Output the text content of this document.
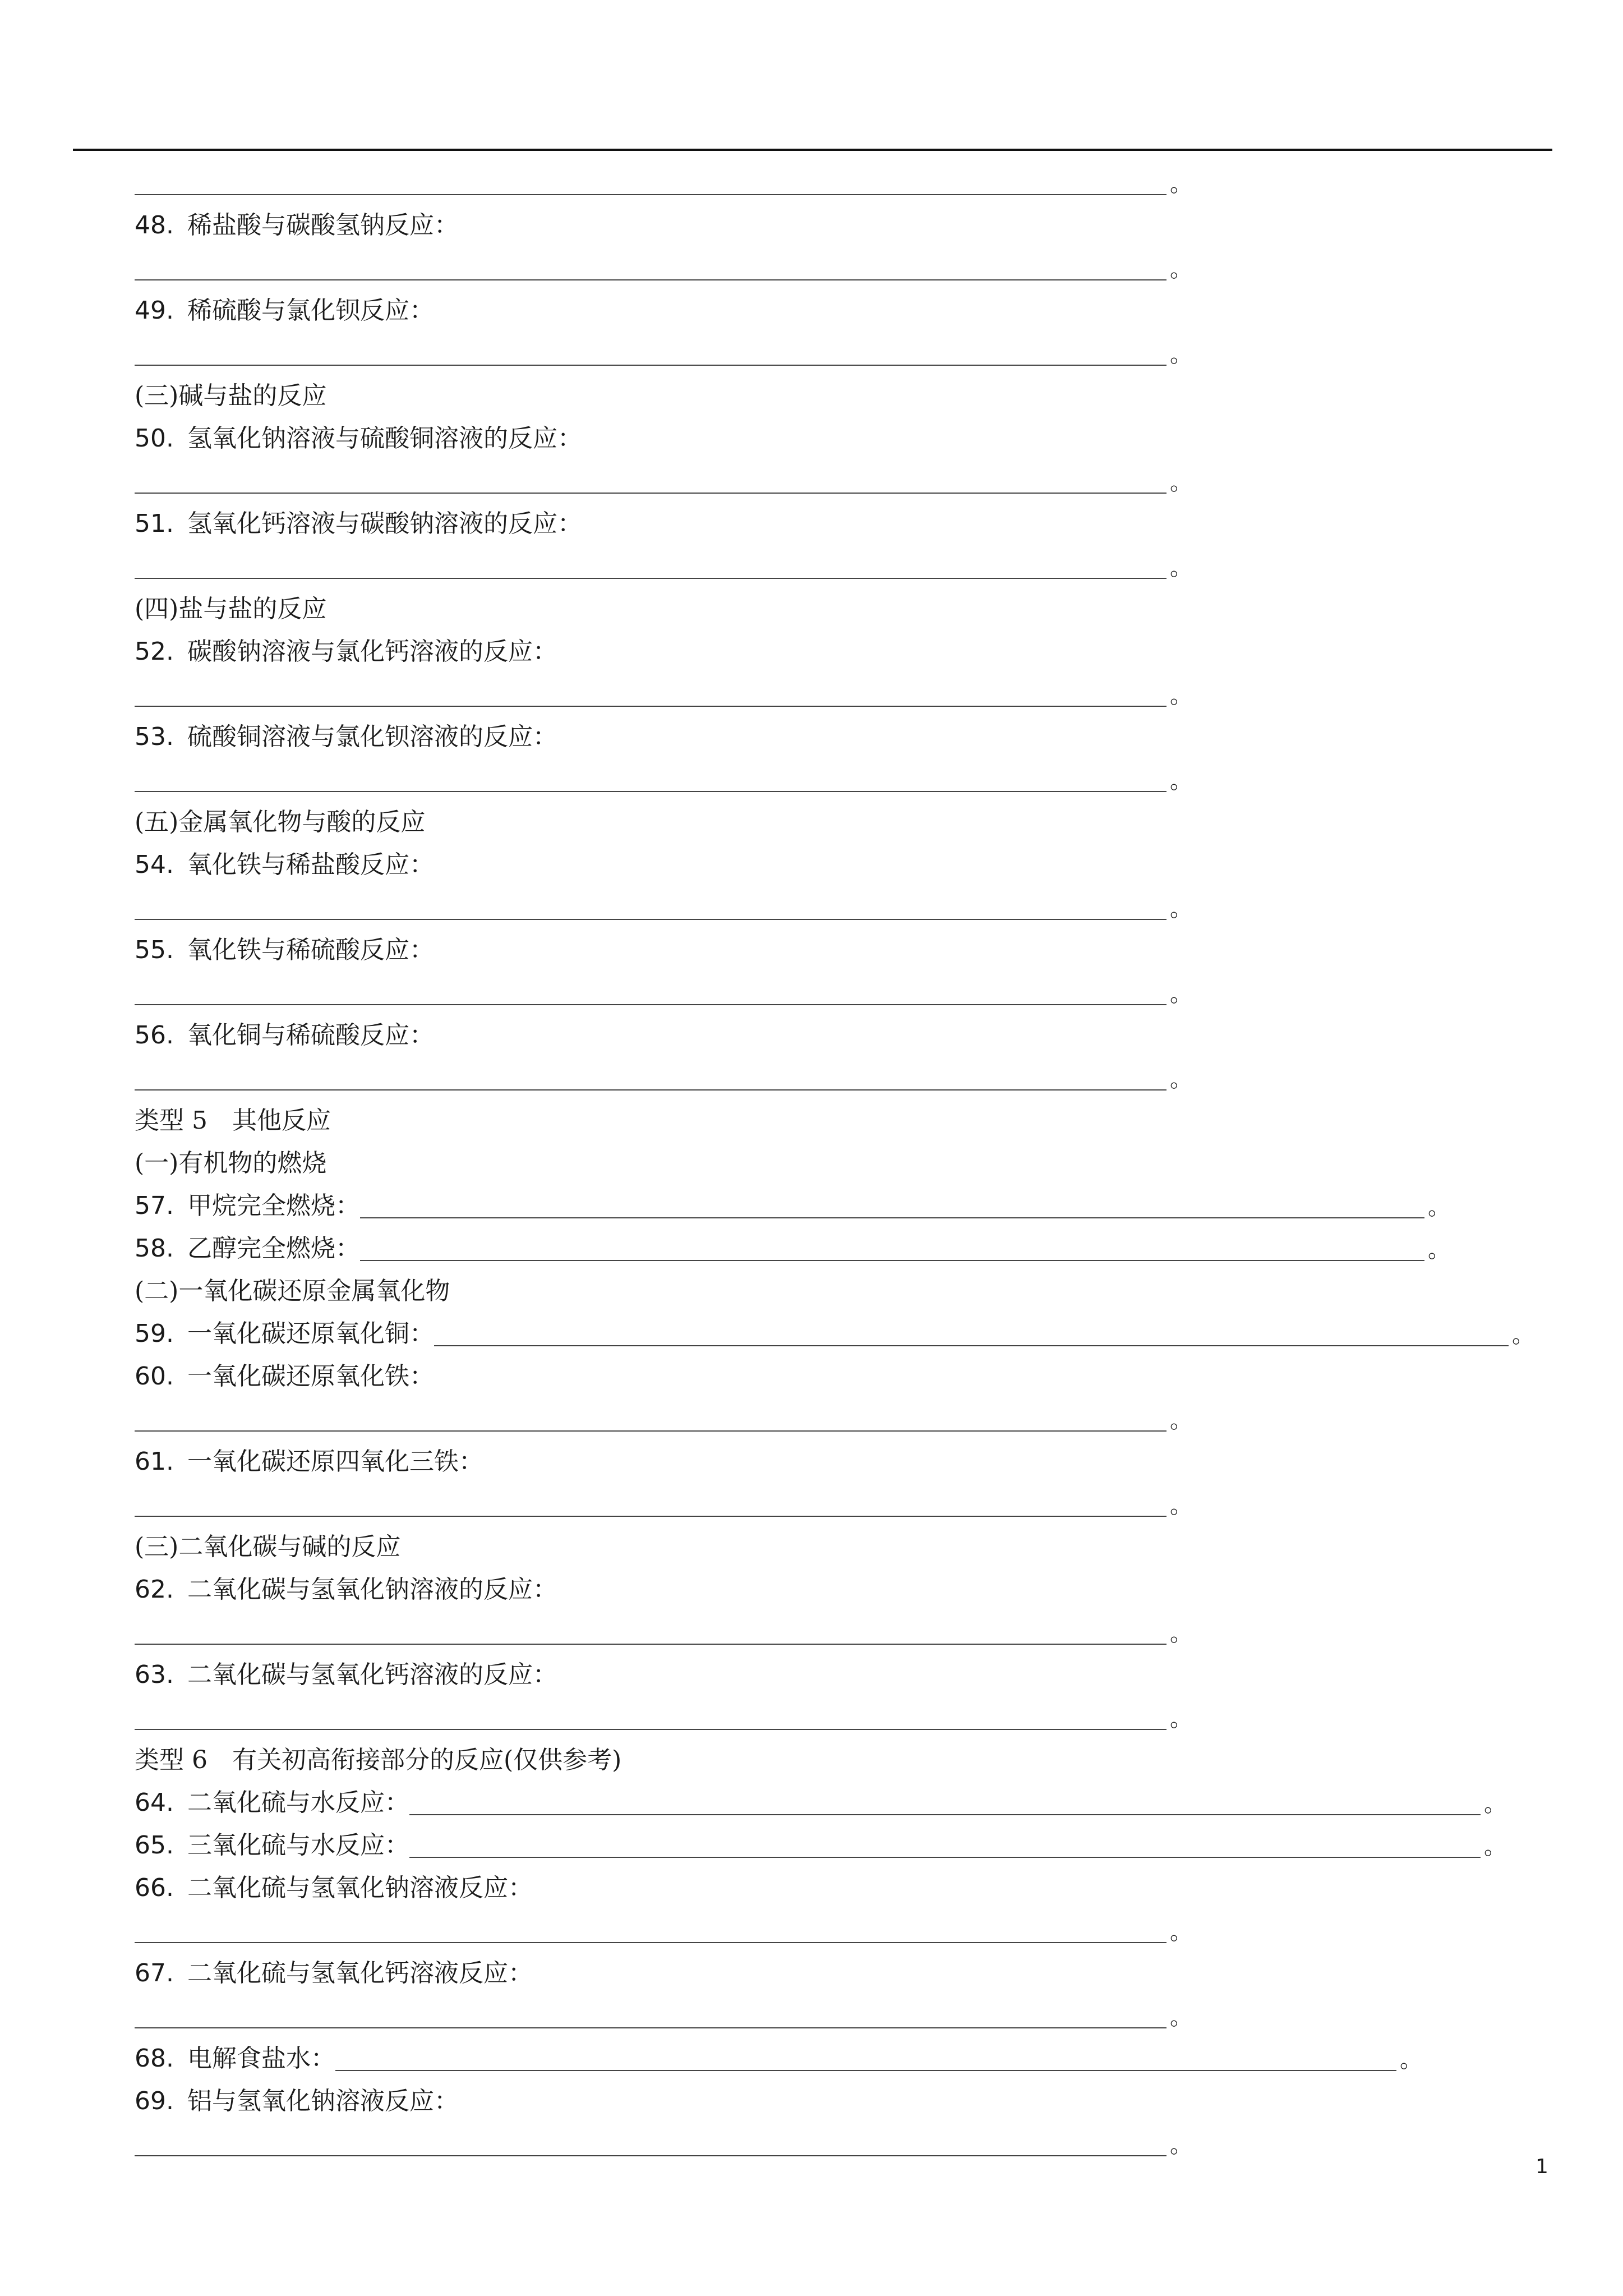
。
48. 稀盐酸与碳酸氢钠反应：
。
49. 稀硫酸与氯化钡反应：
。
(三)碱与盐的反应
50. 氢氧化钠溶液与硫酸铜溶液的反应：
。
51. 氢氧化钙溶液与碳酸钠溶液的反应：
。
(四)盐与盐的反应
52. 碳酸钠溶液与氯化钙溶液的反应：
。
53. 硫酸铜溶液与氯化钡溶液的反应：
。
(五)金属氧化物与酸的反应
54. 氧化铁与稀盐酸反应：
。
55. 氧化铁与稀硫酸反应：
。
56. 氧化铜与稀硫酸反应：
。
类型 5　其他反应
(一)有机物的燃烧
57. 甲烷完全燃烧：	。
58. 乙醇完全燃烧：	。
(二)一氧化碳还原金属氧化物
59. 一氧化碳还原氧化铜：	。
60. 一氧化碳还原氧化铁：
。
61. 一氧化碳还原四氧化三铁：
。
(三)二氧化碳与碱的反应
62. 二氧化碳与氢氧化钠溶液的反应：
。
63. 二氧化碳与氢氧化钙溶液的反应：
。
类型 6　有关初高衔接部分的反应(仅供参考)
64. 二氧化硫与水反应：	。
65. 三氧化硫与水反应：	。
66. 二氧化硫与氢氧化钠溶液反应：
。
67. 二氧化硫与氢氧化钙溶液反应：
。
68. 电解食盐水：	。
69. 铝与氢氧化钠溶液反应：
。
1
